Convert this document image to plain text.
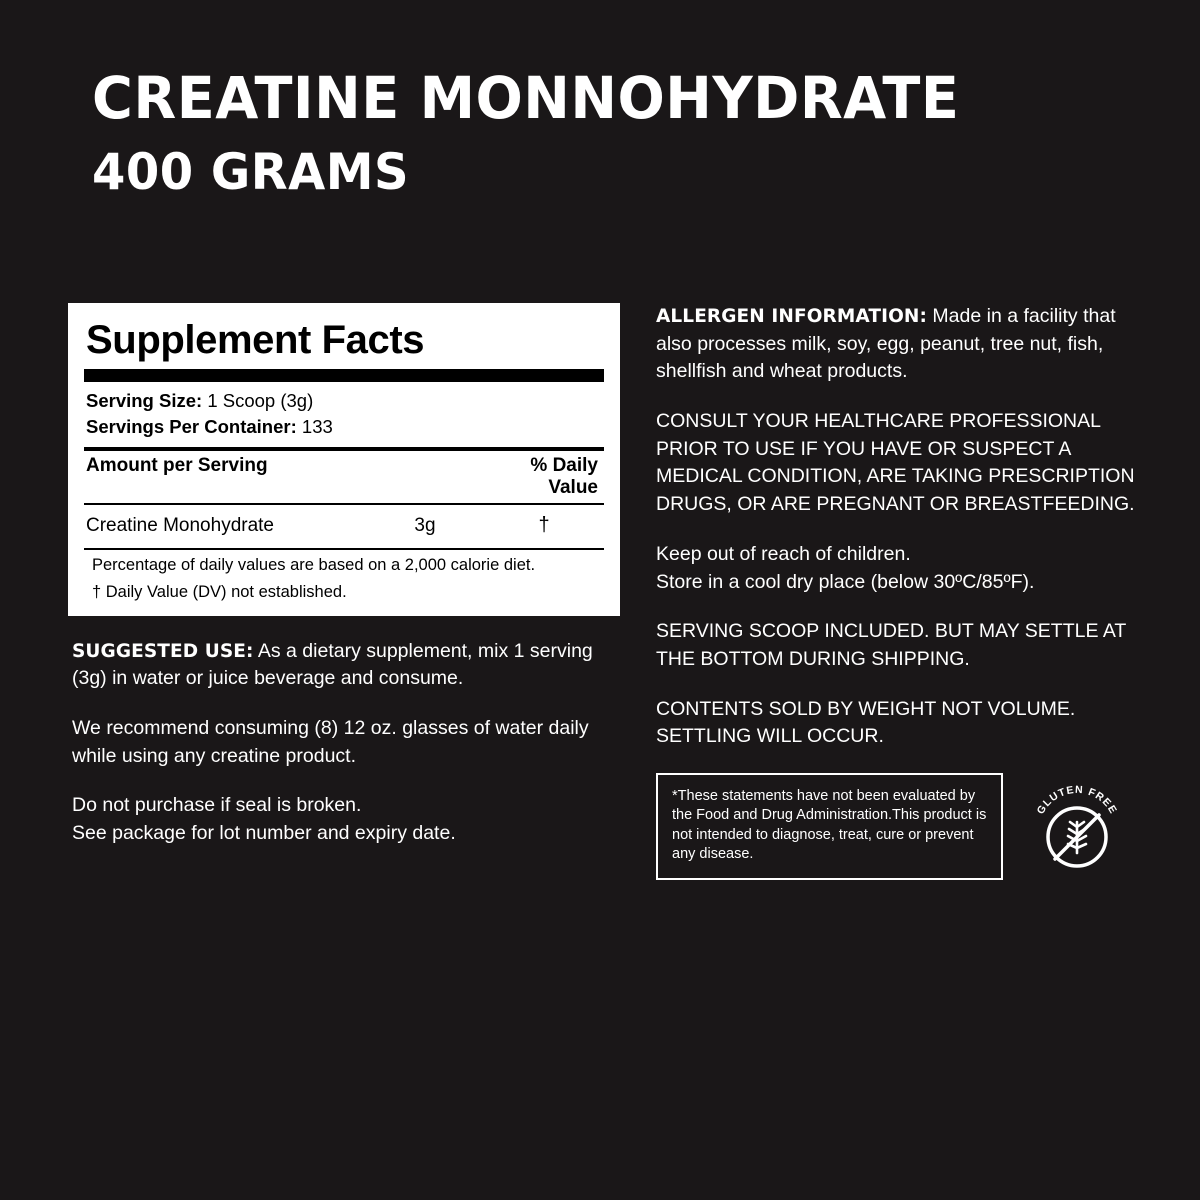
CREATINE MONNOHYDRATE
400 GRAMS
Supplement Facts
Serving Size: 1 Scoop (3g)
Servings Per Container: 133
Amount per Serving	% Daily Value
Creatine Monohydrate	3g	†
Percentage of daily values are based on a 2,000 calorie diet.
† Daily Value (DV) not established.

SUGGESTED USE: As a dietary supplement, mix 1 serving (3g) in water or juice beverage and consume.

We recommend consuming (8) 12 oz. glasses of water daily while using any creatine product.

Do not purchase if seal is broken.
See package for lot number and expiry date.

ALLERGEN INFORMATION: Made in a facility that also processes milk, soy, egg, peanut, tree nut, fish, shellfish and wheat products.

CONSULT YOUR HEALTHCARE PROFESSIONAL PRIOR TO USE IF YOU HAVE OR SUSPECT A MEDICAL CONDITION, ARE TAKING PRESCRIPTION DRUGS, OR ARE PREGNANT OR BREASTFEEDING.

Keep out of reach of children.
Store in a cool dry place (below 30ºC/85ºF).

SERVING SCOOP INCLUDED. BUT MAY SETTLE AT THE BOTTOM DURING SHIPPING.

CONTENTS SOLD BY WEIGHT NOT VOLUME.
SETTLING WILL OCCUR.

*These statements have not been evaluated by the Food and Drug Administration.This product is not intended to diagnose, treat, cure or prevent any disease.
GLUTEN FREE
